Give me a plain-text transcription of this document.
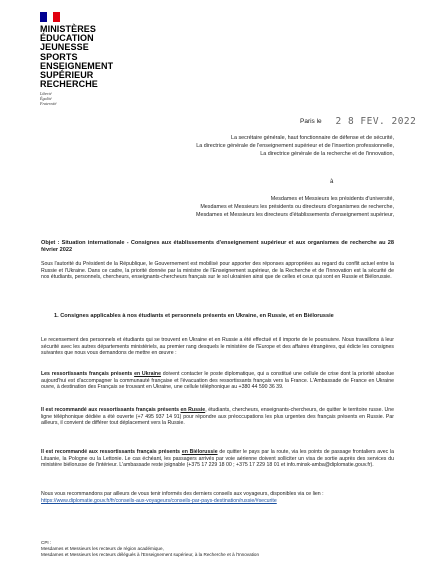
MINISTÈRES
ÉDUCATION
JEUNESSE
SPORTS
ENSEIGNEMENT
SUPÉRIEUR
RECHERCHE
Liberté
Égalité
Fraternité
Paris le 2 8 FEV. 2022
La secrétaire générale, haut fonctionnaire de défense et de sécurité,
La directrice générale de l'enseignement supérieur et de l'insertion professionnelle,
La directrice générale de la recherche et de l'innovation,
à
Mesdames et Messieurs les présidents d'université,
Mesdames et Messieurs les présidents ou directeurs d'organismes de recherche,
Mesdames et Messieurs les directeurs d'établissements d'enseignement supérieur,
Objet : Situation internationale - Consignes aux établissements d'enseignement supérieur et aux organismes de recherche au 28 février 2022
Sous l'autorité du Président de la République, le Gouvernement est mobilisé pour apporter des réponses appropriées au regard du conflit actuel entre la Russie et l'Ukraine. Dans ce cadre, la priorité donnée par la ministre de l'Enseignement supérieur, de la Recherche et de l'Innovation est la sécurité de nos étudiants, personnels, chercheurs, enseignants-chercheurs français sur le sol ukrainien ainsi que de celles et ceux qui sont en Russie et Biélorussie.
1. Consignes applicables à nos étudiants et personnels présents en Ukraine, en Russie, et en Biélorussie
Le recensement des personnels et étudiants qui se trouvent en Ukraine et en Russie a été effectué et il importe de le poursuivre. Nous travaillons à leur sécurité avec les autres départements ministériels, au premier rang desquels le ministère de l'Europe et des affaires étrangères, qui édicte les consignes suivantes que nous vous demandons de mettre en œuvre :
Les ressortissants français présents en Ukraine doivent contacter le poste diplomatique, qui a constitué une cellule de crise dont la priorité absolue aujourd'hui est d'accompagner la communauté française et l'évacuation des ressortissants français vers la France. L'Ambassade de France en Ukraine ouvre, à destination des Français se trouvant en Ukraine, une cellule téléphonique au +380 44 590 36 39.
Il est recommandé aux ressortissants français présents en Russie, étudiants, chercheurs, enseignants-chercheurs, de quitter le territoire russe. Une ligne téléphonique dédiée a été ouverte (+7 495 937 14 91) pour répondre aux préoccupations les plus urgentes des français présents en Russie. Par ailleurs, il convient de différer tout déplacement vers la Russie.
Il est recommandé aux ressortissants français présents en Biélorussie de quitter le pays par la route, via les points de passage frontaliers avec la Lituanie, la Pologne ou la Lettonie. Le cas échéant, les passagers arrivés par voie aérienne doivent solliciter un visa de sortie auprès des services du ministère biélorusse de l'intérieur. L'ambassade reste joignable (+375 17 229 18 00 ; +375 17 229 18 01 et info.minsk-amba@diplomatie.gouv.fr).
Nous vous recommandons par ailleurs de vous tenir informés des derniers conseils aux voyageurs, disponibles via ce lien :
https://www.diplomatie.gouv.fr/fr/conseils-aux-voyageurs/conseils-par-pays-destination/russie/#securite
CPI :
Mesdames et Messieurs les recteurs de région académique,
Mesdames et Messieurs les recteurs délégués à l'Enseignement supérieur, à la Recherche et à l'Innovation
